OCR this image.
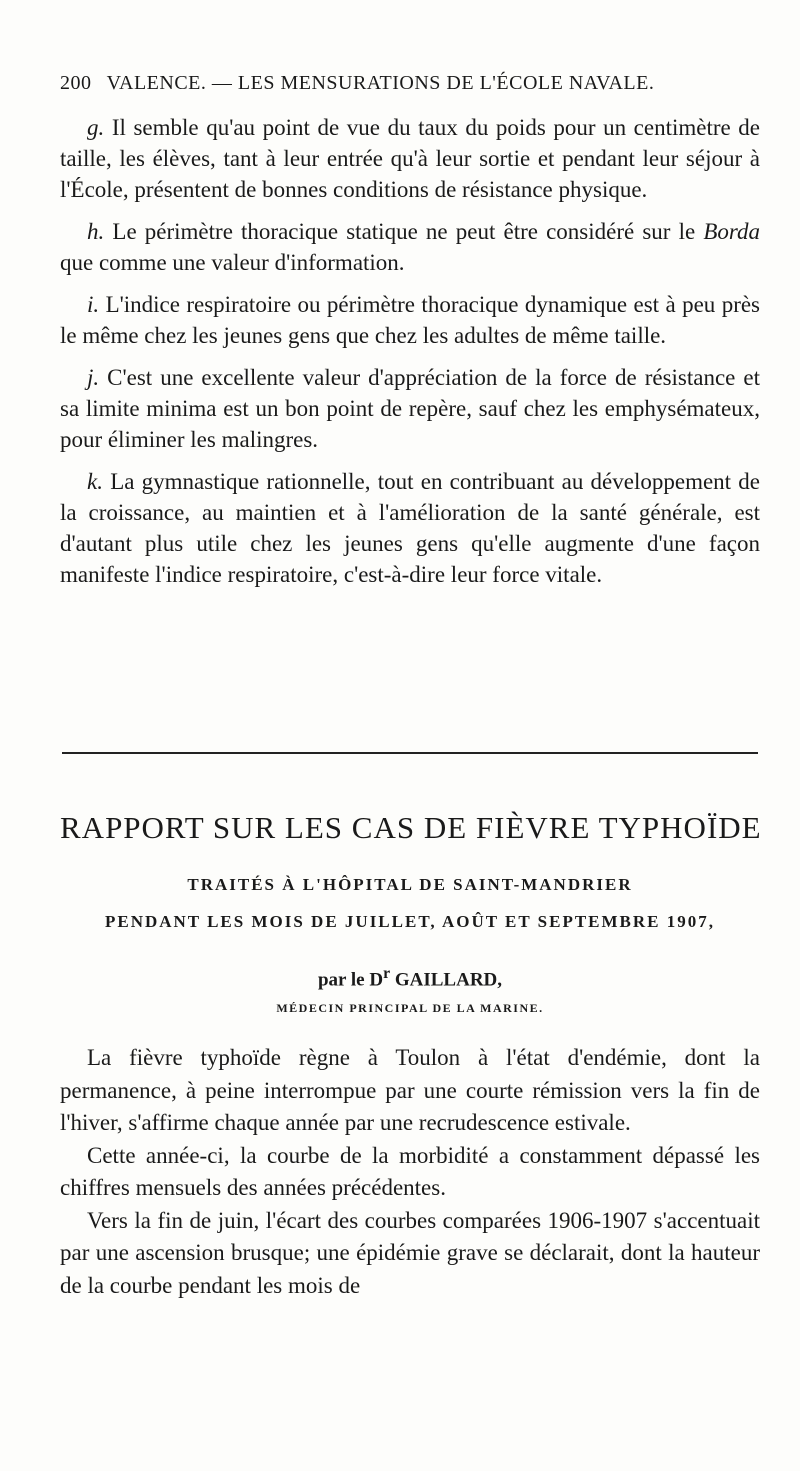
200 VALENCE. — LES MENSURATIONS DE L'ÉCOLE NAVALE.

g. Il semble qu'au point de vue du taux du poids pour un centimètre de taille, les élèves, tant à leur entrée qu'à leur sortie et pendant leur séjour à l'École, présentent de bonnes conditions de résistance physique.

h. Le périmètre thoracique statique ne peut être considéré sur le Borda que comme une valeur d'information.

i. L'indice respiratoire ou périmètre thoracique dynamique est à peu près le même chez les jeunes gens que chez les adultes de même taille.

j. C'est une excellente valeur d'appréciation de la force de résistance et sa limite minima est un bon point de repère, sauf chez les emphysémateux, pour éliminer les malingres.

k. La gymnastique rationnelle, tout en contribuant au développement de la croissance, au maintien et à l'amélioration de la santé générale, est d'autant plus utile chez les jeunes gens qu'elle augmente d'une façon manifeste l'indice respiratoire, c'est-à-dire leur force vitale.

RAPPORT SUR LES CAS DE FIÈVRE TYPHOÏDE
TRAITÉS À L'HÔPITAL DE SAINT-MANDRIER
PENDANT LES MOIS DE JUILLET, AOÛT ET SEPTEMBRE 1907,
par le $D^r$ GAILLARD,
MÉDECIN PRINCIPAL DE LA MARINE.

La fièvre typhoïde règne à Toulon à l'état d'endémie, dont la permanence, à peine interrompue par une courte rémission vers la fin de l'hiver, s'affirme chaque année par une recrudescence estivale.

Cette année-ci, la courbe de la morbidité a constamment dépassé les chiffres mensuels des années précédentes.

Vers la fin de juin, l'écart des courbes comparées 1906-1907 s'accentuait par une ascension brusque; une épidémie grave se déclarait, dont la hauteur de la courbe pendant les mois de
